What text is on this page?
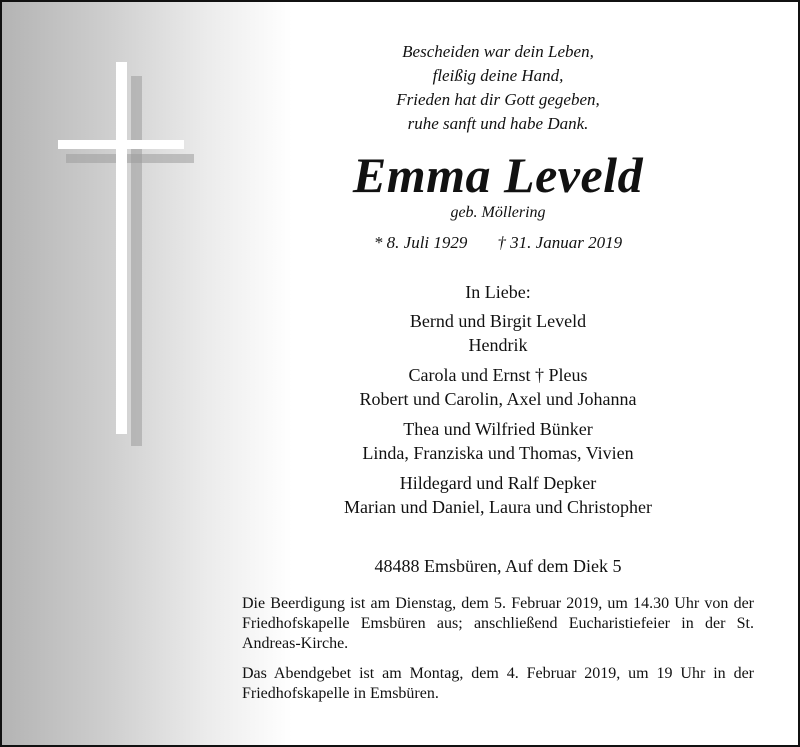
Bescheiden war dein Leben,
fleißig deine Hand,
Frieden hat dir Gott gegeben,
ruhe sanft und habe Dank.
Emma Leveld
geb. Möllering
* 8. Juli 1929 † 31. Januar 2019
In Liebe:
Bernd und Birgit Leveld
Hendrik
Carola und Ernst † Pleus
Robert und Carolin, Axel und Johanna
Thea und Wilfried Bünker
Linda, Franziska und Thomas, Vivien
Hildegard und Ralf Depker
Marian und Daniel, Laura und Christopher
48488 Emsbüren, Auf dem Diek 5
Die Beerdigung ist am Dienstag, dem 5. Februar 2019, um 14.30 Uhr von der Friedhofskapelle Emsbüren aus; anschließend Eucharistiefeier in der St. Andreas-Kirche.
Das Abendgebet ist am Montag, dem 4. Februar 2019, um 19 Uhr in der Friedhofskapelle in Emsbüren.
